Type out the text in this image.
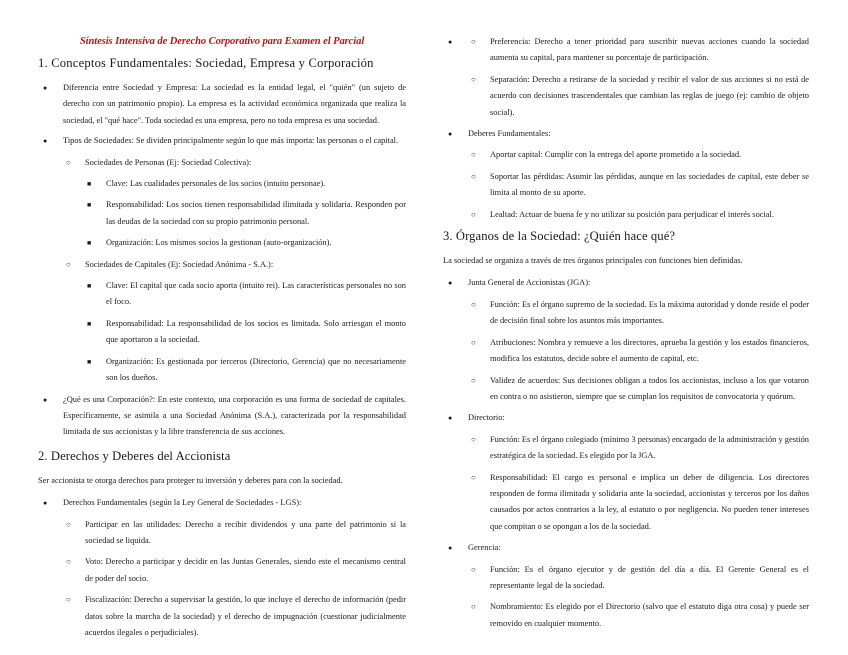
Síntesis Intensiva de Derecho Corporativo para Examen el Parcial
1. Conceptos Fundamentales: Sociedad, Empresa y Corporación
● Diferencia entre Sociedad y Empresa: La sociedad es la entidad legal, el "quién" (un sujeto de derecho con un patrimonio propio). La empresa es la actividad económica organizada que realiza la sociedad, el "qué hace". Toda sociedad es una empresa, pero no toda empresa es una sociedad.
● Tipos de Sociedades: Se dividen principalmente según lo que más importa: las personas o el capital.
○ Sociedades de Personas (Ej: Sociedad Colectiva):
■ Clave: Las cualidades personales de los socios (intuito personae).
■ Responsabilidad: Los socios tienen responsabilidad ilimitada y solidaria. Responden por las deudas de la sociedad con su propio patrimonio personal.
■ Organización: Los mismos socios la gestionan (auto-organización).
○ Sociedades de Capitales (Ej: Sociedad Anónima - S.A.):
■ Clave: El capital que cada socio aporta (intuito rei). Las características personales no son el foco.
■ Responsabilidad: La responsabilidad de los socios es limitada. Solo arriesgan el monto que aportaron a la sociedad.
■ Organización: Es gestionada por terceros (Directorio, Gerencia) que no necesariamente son los dueños.
● ¿Qué es una Corporación?: En este contexto, una corporación es una forma de sociedad de capitales. Específicamente, se asimila a una Sociedad Anónima (S.A.), caracterizada por la responsabilidad limitada de sus accionistas y la libre transferencia de sus acciones.
2. Derechos y Deberes del Accionista

Ser accionista te otorga derechos para proteger tu inversión y deberes para con la sociedad.

● Derechos Fundamentales (según la Ley General de Sociedades - LGS):
○ Participar en las utilidades: Derecho a recibir dividendos y una parte del patrimonio si la sociedad se liquida.
○ Voto: Derecho a participar y decidir en las Juntas Generales, siendo este el mecanismo central de poder del socio.
○ Fiscalización: Derecho a supervisar la gestión, lo que incluye el derecho de información (pedir datos sobre la marcha de la sociedad) y el derecho de impugnación (cuestionar judicialmente acuerdos ilegales o perjudiciales).
○ ● Preferencia: Derecho a tener prioridad para suscribir nuevas acciones cuando la sociedad aumenta su capital, para mantener su porcentaje de participación.
○ Separación: Derecho a retirarse de la sociedad y recibir el valor de sus acciones si no está de acuerdo con decisiones trascendentales que cambian las reglas de juego (ej: cambio de objeto social).
● Deberes Fundamentales:
○ Aportar capital: Cumplir con la entrega del aporte prometido a la sociedad.
○ Soportar las pérdidas: Asumir las pérdidas, aunque en las sociedades de capital, este deber se limita al monto de su aporte.
○ Lealtad: Actuar de buena fe y no utilizar su posición para perjudicar el interés social.
3. Órganos de la Sociedad: ¿Quién hace qué?

La sociedad se organiza a través de tres órganos principales con funciones bien definidas.

● Junta General de Accionistas (JGA):
○ Función: Es el órgano supremo de la sociedad. Es la máxima autoridad y donde reside el poder de decisión final sobre los asuntos más importantes.
○ Atribuciones: Nombra y remueve a los directores, aprueba la gestión y los estados financieros, modifica los estatutos, decide sobre el aumento de capital, etc.
○ Validez de acuerdos: Sus decisiones obligan a todos los accionistas, incluso a los que votaron en contra o no asistieron, siempre que se cumplan los requisitos de convocatoria y quórum.
● Directorio:
○ Función: Es el órgano colegiado (mínimo 3 personas) encargado de la administración y gestión estratégica de la sociedad. Es elegido por la JGA.
○ Responsabilidad: El cargo es personal e implica un deber de diligencia. Los directores responden de forma ilimitada y solidaria ante la sociedad, accionistas y terceros por los daños causados por actos contrarios a la ley, al estatuto o por negligencia. No pueden tener intereses que compitan o se opongan a los de la sociedad.
● Gerencia:
○ Función: Es el órgano ejecutor y de gestión del día a día. El Gerente General es el representante legal de la sociedad.
○ Nombramiento: Es elegido por el Directorio (salvo que el estatuto diga otra cosa) y puede ser removido en cualquier momento.
